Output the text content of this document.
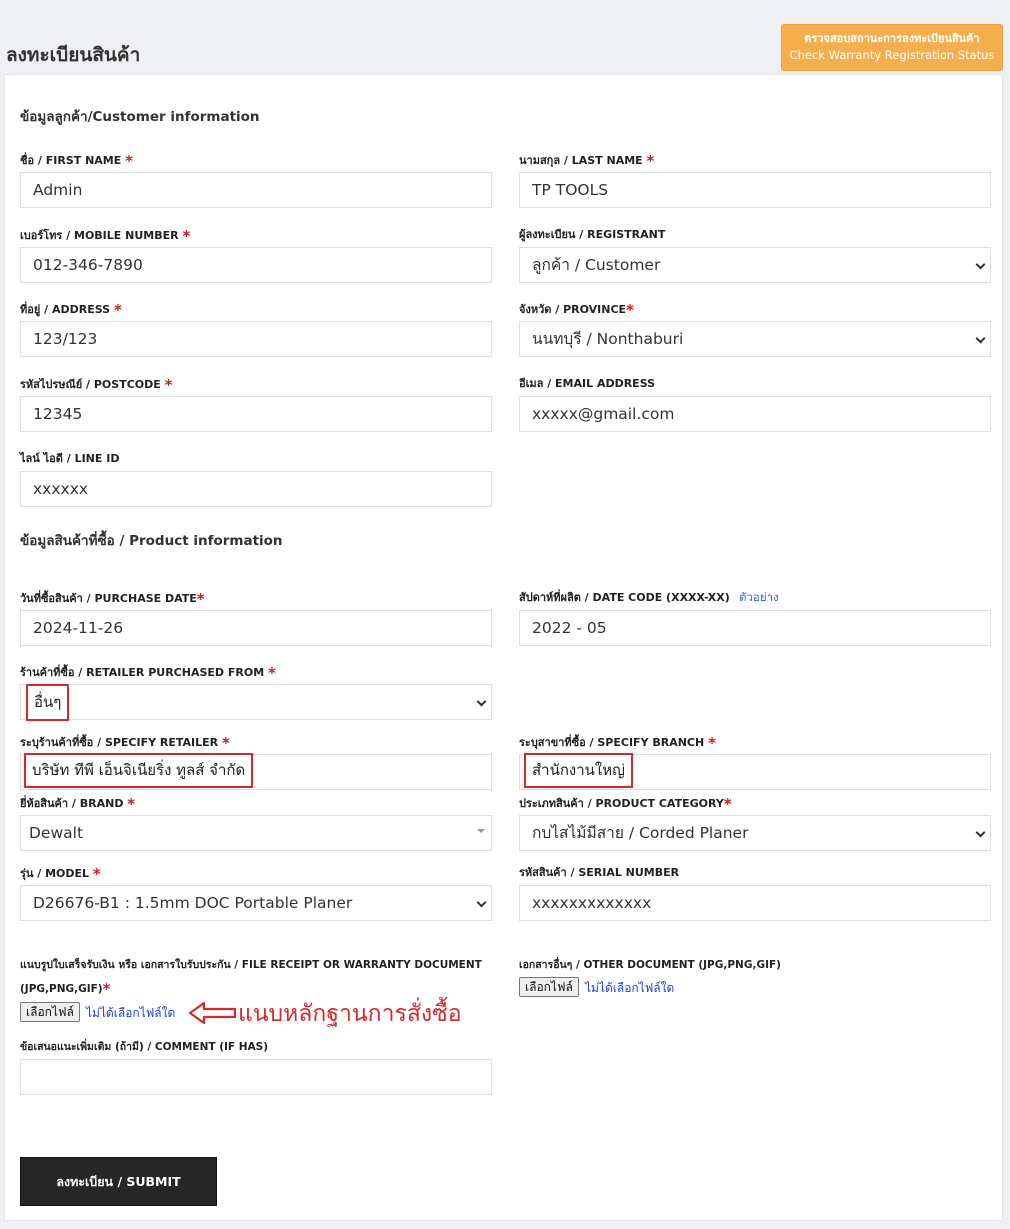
ลงทะเบียนสินค้า
ตรวจสอบสถานะการลงทะเบียนสินค้า
Check Warranty Registration Status
ข้อมูลลูกค้า/Customer information
ชื่อ / FIRST NAME *
Admin
นามสกุล / LAST NAME *
TP TOOLS
เบอร์โทร / MOBILE NUMBER *
012-346-7890
ผู้ลงทะเบียน / REGISTRANT
ลูกค้า / Customer
ที่อยู่ / ADDRESS *
123/123
จังหวัด / PROVINCE*
นนทบุรี / Nonthaburi
รหัสไปรษณีย์ / POSTCODE *
12345
อีเมล / EMAIL ADDRESS
xxxxx@gmail.com
ไลน์ ไอดี / LINE ID
xxxxxx
ข้อมูลสินค้าที่ซื้อ / Product information
วันที่ซื้อสินค้า / PURCHASE DATE*
2024-11-26
สัปดาห์ที่ผลิต / DATE CODE (XXXX-XX) ตัวอย่าง
2022 - 05
ร้านค้าที่ซื้อ / RETAILER PURCHASED FROM *
อื่นๆ
ระบุร้านค้าที่ซื้อ / SPECIFY RETAILER *
บริษัท ทีพี เอ็นจิเนียริ่ง ทูลส์ จำกัด
ระบุสาขาที่ซื้อ / SPECIFY BRANCH *
สำนักงานใหญ่
ยี่ห้อสินค้า / BRAND *
Dewalt
ประเภทสินค้า / PRODUCT CATEGORY*
กบไสไม้มีสาย / Corded Planer
รุ่น / MODEL *
D26676-B1 : 1.5mm DOC Portable Planer
รหัสสินค้า / SERIAL NUMBER
xxxxxxxxxxxxx
แนบรูปใบเสร็จรับเงิน หรือ เอกสารใบรับประกัน / FILE RECEIPT OR WARRANTY DOCUMENT
(JPG,PNG,GIF)*
เลือกไฟล์	ไม่ได้เลือกไฟล์ใด	แนบหลักฐานการสั่งซื้อ
เอกสารอื่นๆ / OTHER DOCUMENT (JPG,PNG,GIF)
เลือกไฟล์	ไม่ได้เลือกไฟล์ใด
ข้อเสนอแนะเพิ่มเติม (ถ้ามี) / COMMENT (IF HAS)
ลงทะเบียน / SUBMIT
